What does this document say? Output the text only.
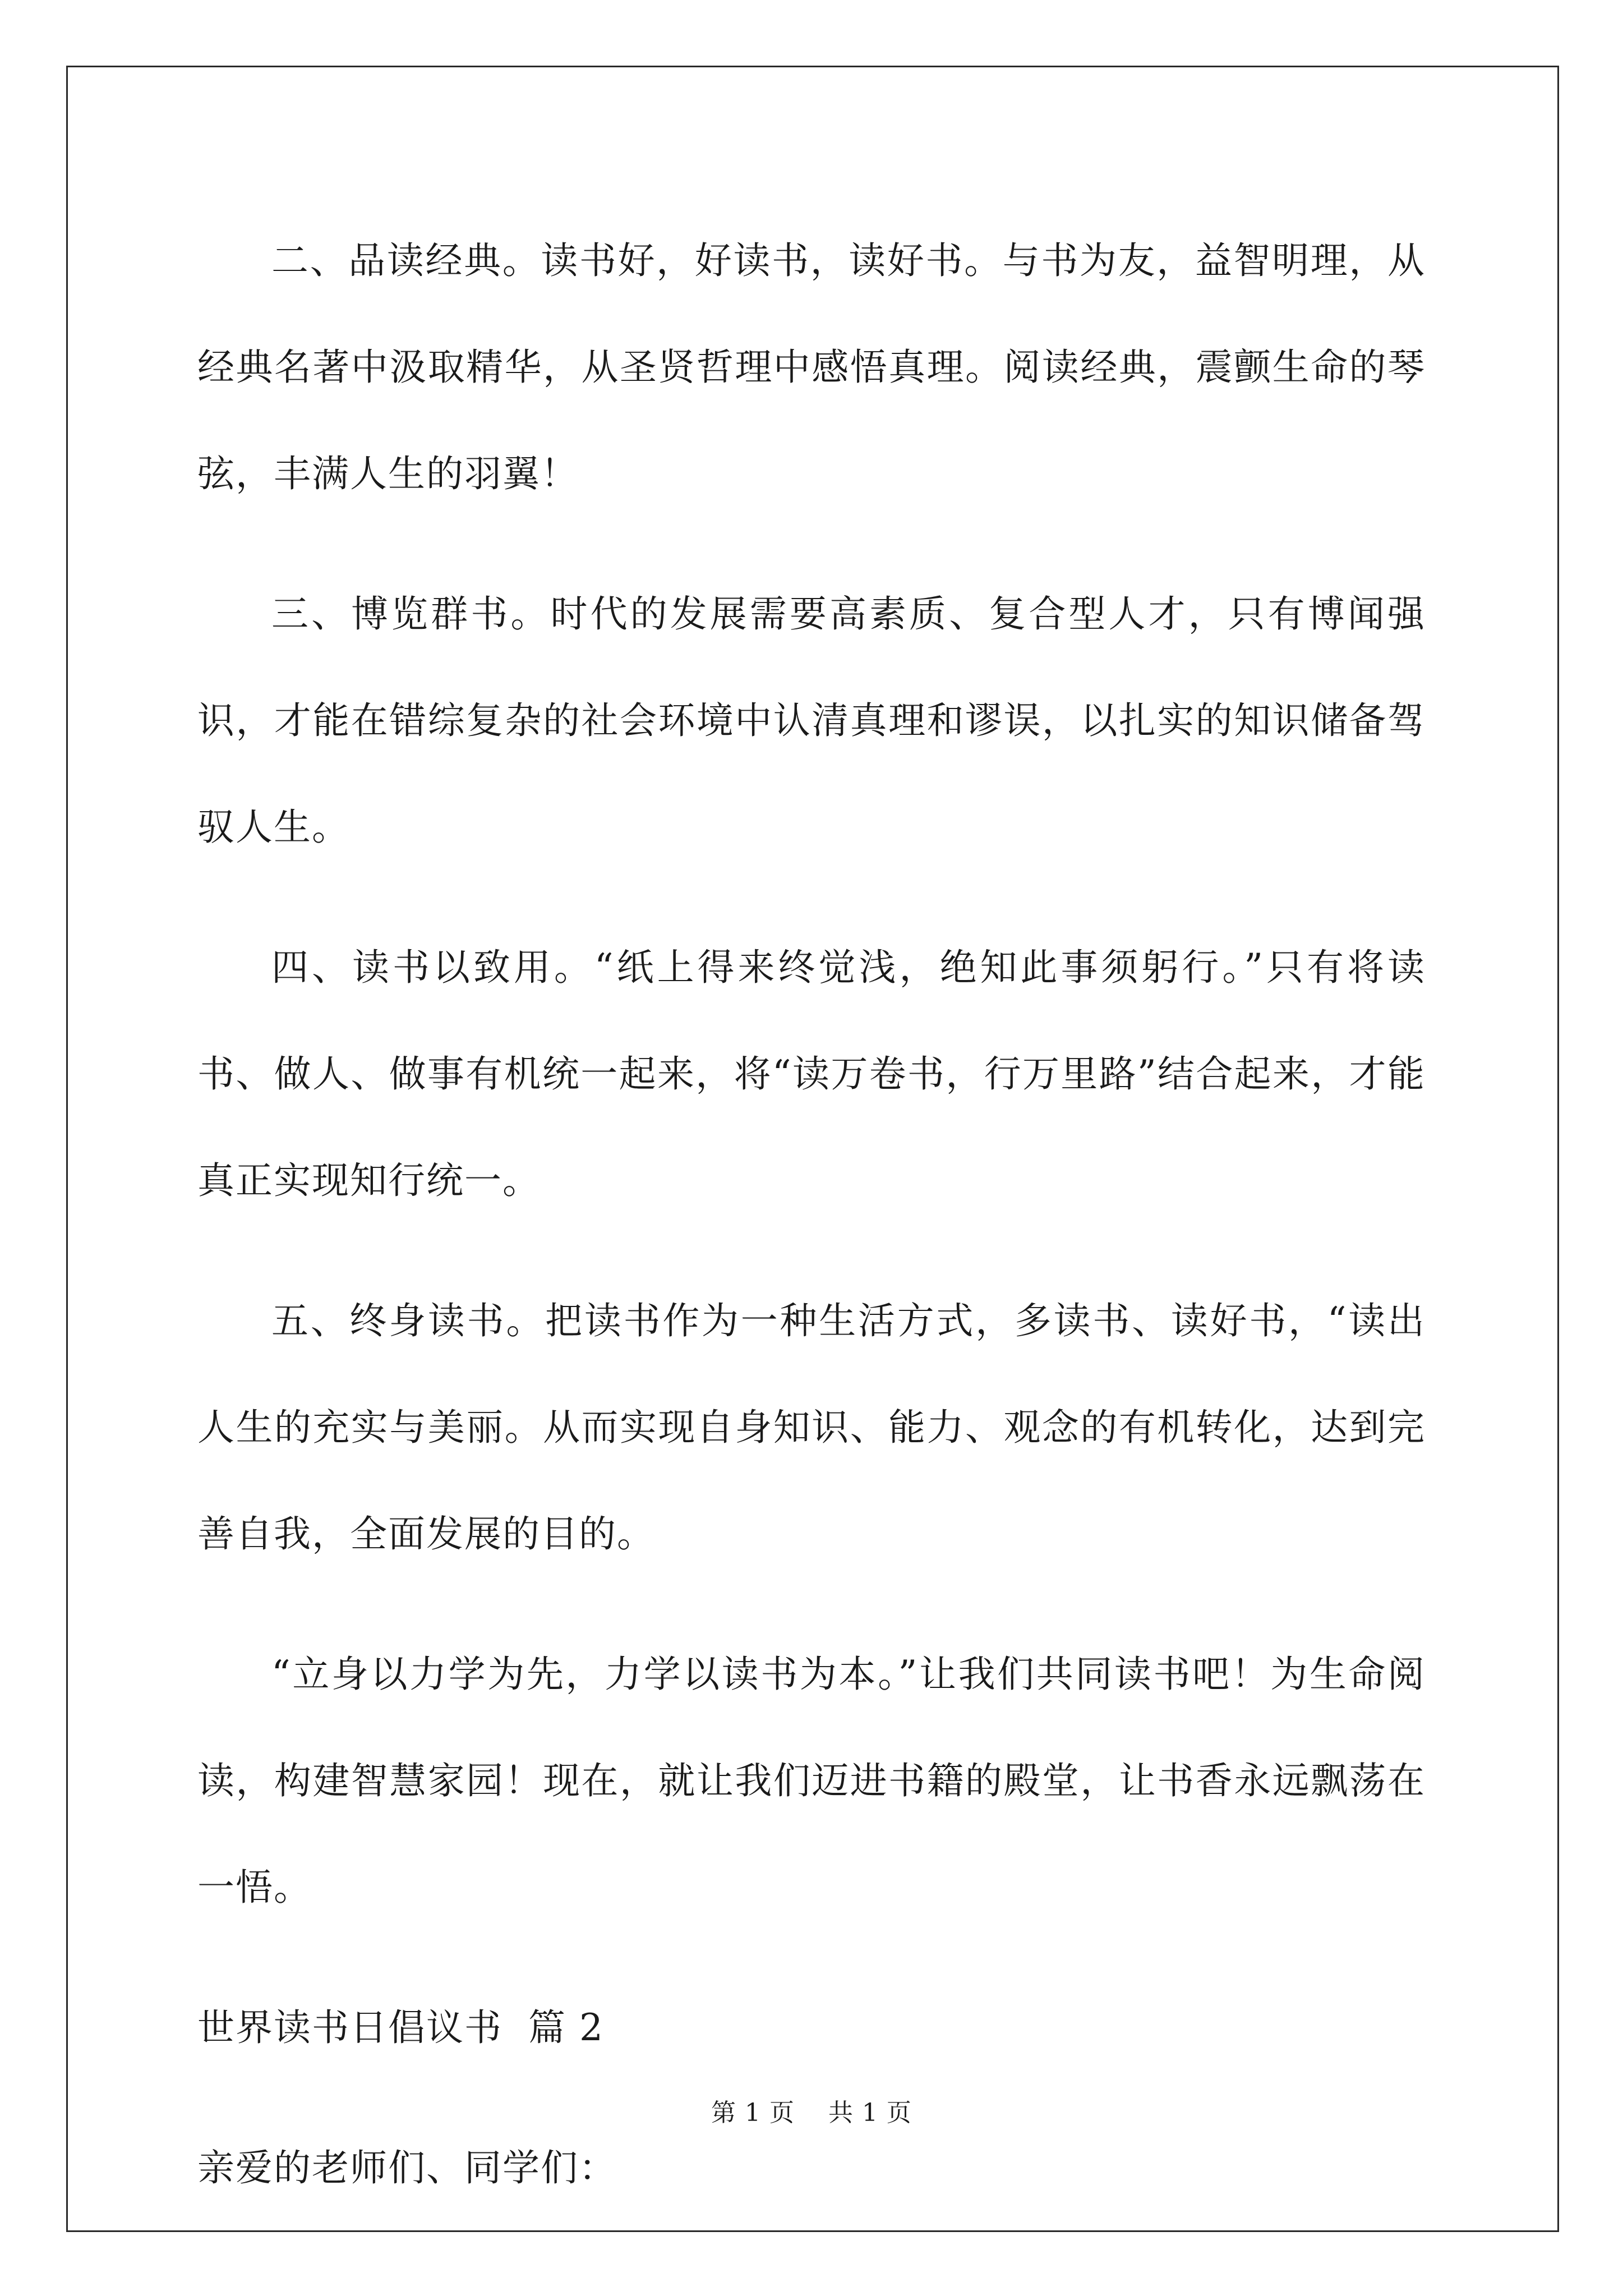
二、品读经典。读书好，好读书，读好书。与书为友，益智明理，从经典名著中汲取精华，从圣贤哲理中感悟真理。阅读经典，震颤生命的琴弦，丰满人生的羽翼！

三、博览群书。时代的发展需要高素质、复合型人才，只有博闻强识，才能在错综复杂的社会环境中认清真理和谬误，以扎实的知识储备驾驭人生。

四、读书以致用。“纸上得来终觉浅，绝知此事须躬行。”只有将读书、做人、做事有机统一起来，将“读万卷书，行万里路”结合起来，才能真正实现知行统一。

五、终身读书。把读书作为一种生活方式，多读书、读好书，“读出人生的充实与美丽。从而实现自身知识、能力、观念的有机转化，达到完善自我，全面发展的目的。

“立身以力学为先，力学以读书为本。”让我们共同读书吧！为生命阅读，构建智慧家园！现在，就让我们迈进书籍的殿堂，让书香永远飘荡在一悟。

世界读书日倡议书  篇 2

亲爱的老师们、同学们：

第 1 页    共 1 页
